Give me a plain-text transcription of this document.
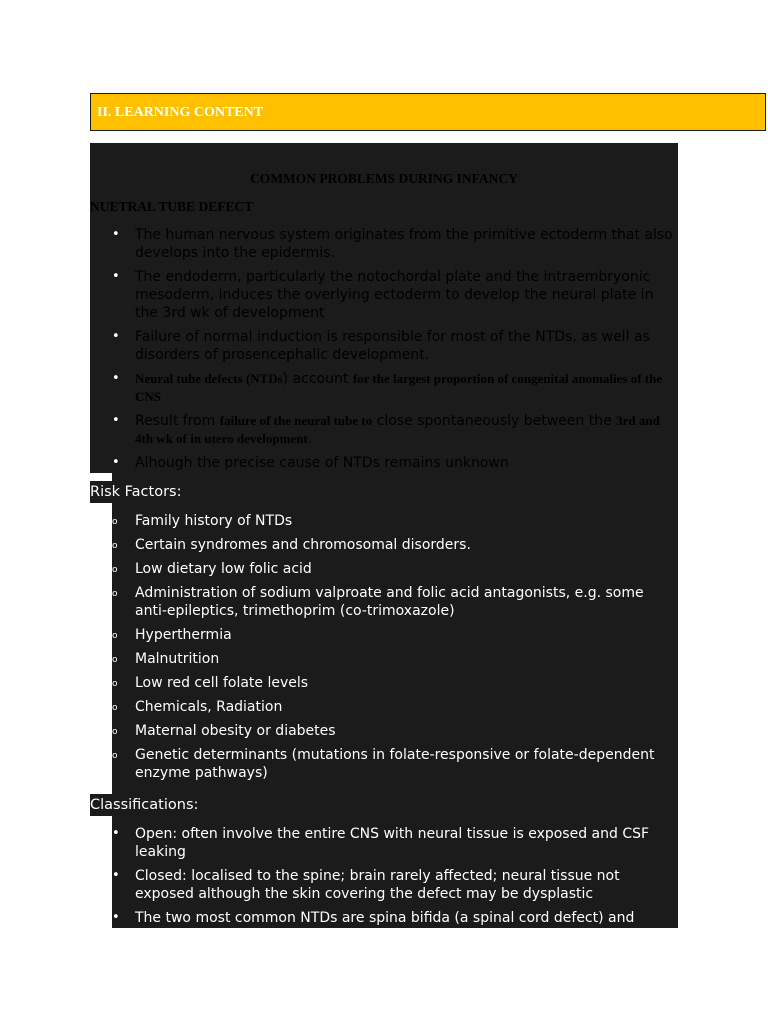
II. LEARNING CONTENT
COMMON PROBLEMS DURING INFANCY
NUETRAL TUBE DEFECT
• The human nervous system originates from the primitive ectoderm that also develops into the epidermis.
• The endoderm, particularly the notochordal plate and the intraembryonic mesoderm, induces the overlying ectoderm to develop the neural plate in the 3rd wk of development
• Failure of normal induction is responsible for most of the NTDs, as well as disorders of prosencephalic development.
• Neural tube defects (NTDs) account for the largest proportion of congenital anomalies of the CNS
• Result from failure of the neural tube to close spontaneously between the 3rd and 4th wk of in utero development.
• Alhough the precise cause of NTDs remains unknown
Risk Factors:
o Family history of NTDs
o Certain syndromes and chromosomal disorders.
o Low dietary low folic acid
o Administration of sodium valproate and folic acid antagonists, e.g. some anti-epileptics, trimethoprim (co-trimoxazole)
o Hyperthermia
o Malnutrition
o Low red cell folate levels
o Chemicals, Radiation
o Maternal obesity or diabetes
o Genetic determinants (mutations in folate-responsive or folate-dependent enzyme pathways)
Classifications:
• Open: often involve the entire CNS with neural tissue is exposed and CSF leaking
• Closed: localised to the spine; brain rarely affected; neural tissue not exposed although the skin covering the defect may be dysplastic
• The two most common NTDs are spina bifida (a spinal cord defect) and anencephaly (a brain defect).
